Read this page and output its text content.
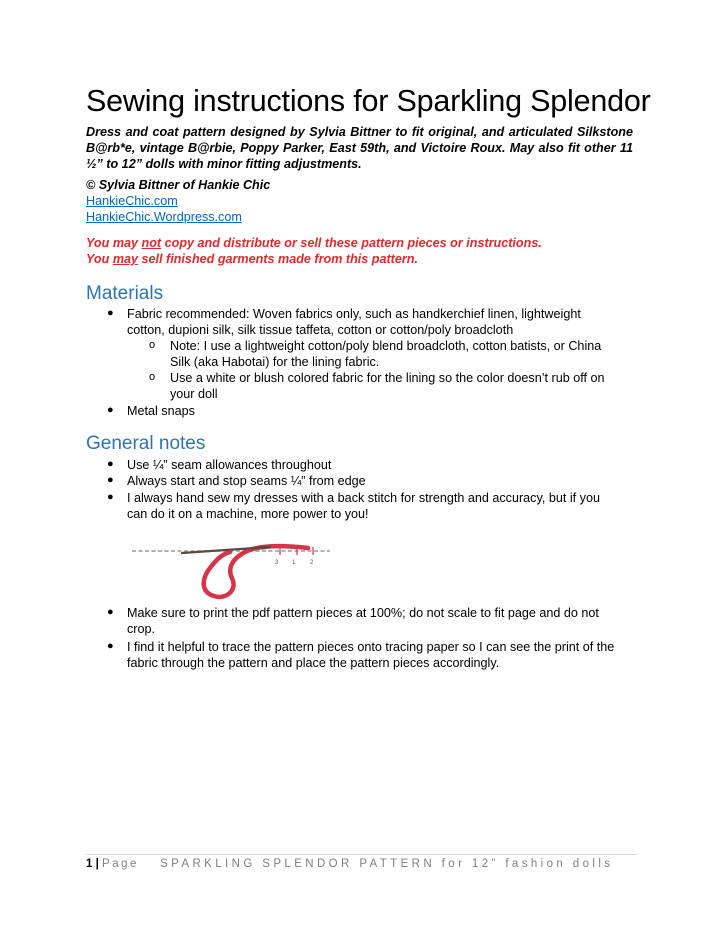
Sewing instructions for Sparkling Splendor

Dress and coat pattern designed by Sylvia Bittner to fit original, and articulated Silkstone B@rb*e, vintage B@rbie, Poppy Parker, East 59th, and Victoire Roux. May also fit other 11 ½” to 12” dolls with minor fitting adjustments.

© Sylvia Bittner of Hankie Chic

HankieChic.com
HankieChic.Wordpress.com

You may not copy and distribute or sell these pattern pieces or instructions.

You may sell finished garments made from this pattern.

Materials
● Fabric recommended: Woven fabrics only, such as handkerchief linen, lightweight
cotton, dupioni silk, silk tissue taffeta, cotton or cotton/poly broadcloth
o Note: I use a lightweight cotton/poly blend broadcloth, cotton batists, or China
Silk (aka Habotai) for the lining fabric.
o Use a white or blush colored fabric for the lining so the color doesn’t rub off on
your doll
● Metal snaps
General notes
● Use ¼” seam allowances throughout
● Always start and stop seams ¼” from edge
● I always hand sew my dresses with a back stitch for strength and accuracy, but if you
can do it on a machine, more power to you!
● Make sure to print the pdf pattern pieces at 100%; do not scale to fit page and do not
crop.
● I find it helpful to trace the pattern pieces onto tracing paper so I can see the print of the
fabric through the pattern and place the pattern pieces accordingly.
3 1 2
1 | Page SPARKLING SPLENDOR PATTERN for 12” fashion dolls
